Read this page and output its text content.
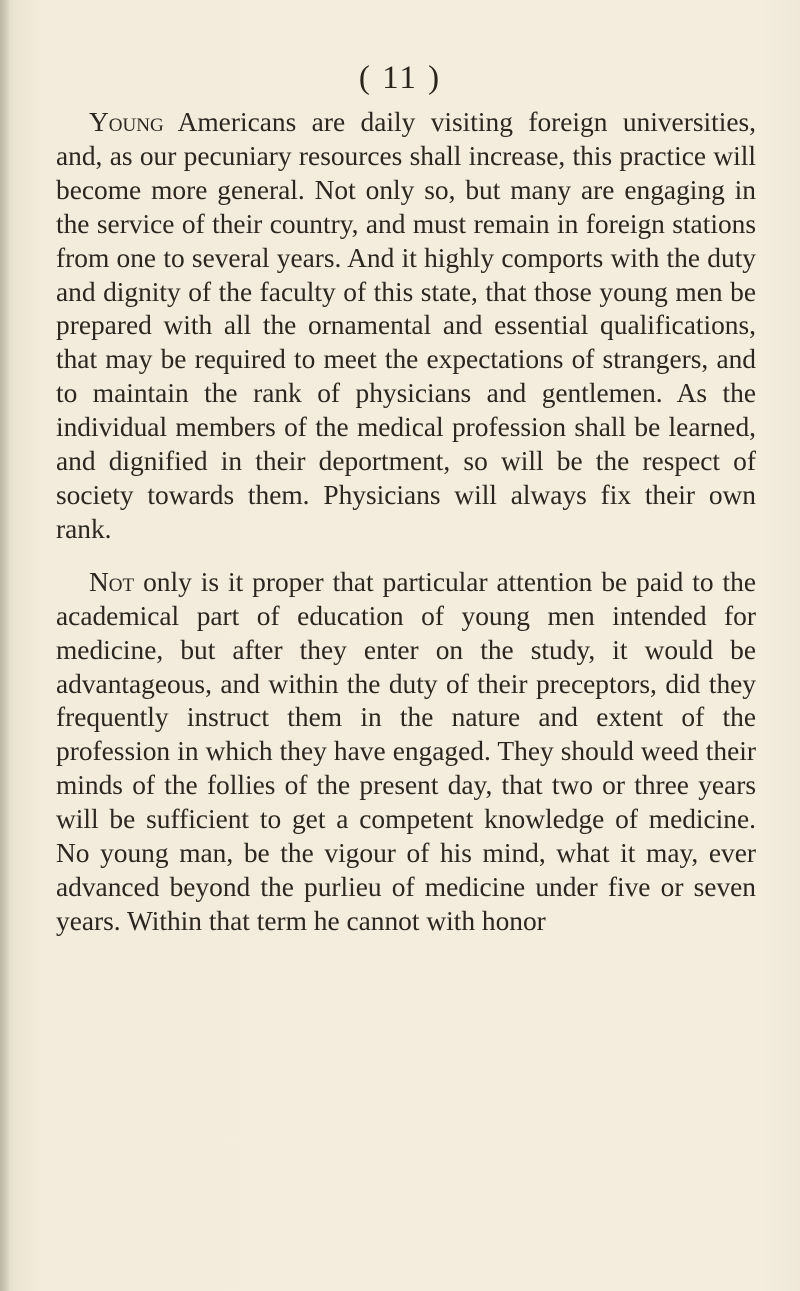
( 11 )

Young Americans are daily visiting foreign universities, and, as our pecuniary resources shall increase, this practice will become more general. Not only so, but many are engaging in the service of their country, and must remain in foreign stations from one to several years. And it highly comports with the duty and dignity of the faculty of this state, that those young men be prepared with all the ornamental and essential qualifications, that may be required to meet the expectations of strangers, and to maintain the rank of physicians and gentlemen. As the individual members of the medical profession shall be learned, and dignified in their deportment, so will be the respect of society towards them. Physicians will always fix their own rank.

Not only is it proper that particular attention be paid to the academical part of education of young men intended for medicine, but after they enter on the study, it would be advantageous, and within the duty of their preceptors, did they frequently instruct them in the nature and extent of the profession in which they have engaged. They should weed their minds of the follies of the present day, that two or three years will be sufficient to get a competent knowledge of medicine. No young man, be the vigour of his mind, what it may, ever advanced beyond the purlieu of medicine under five or seven years. Within that term he cannot with honor
